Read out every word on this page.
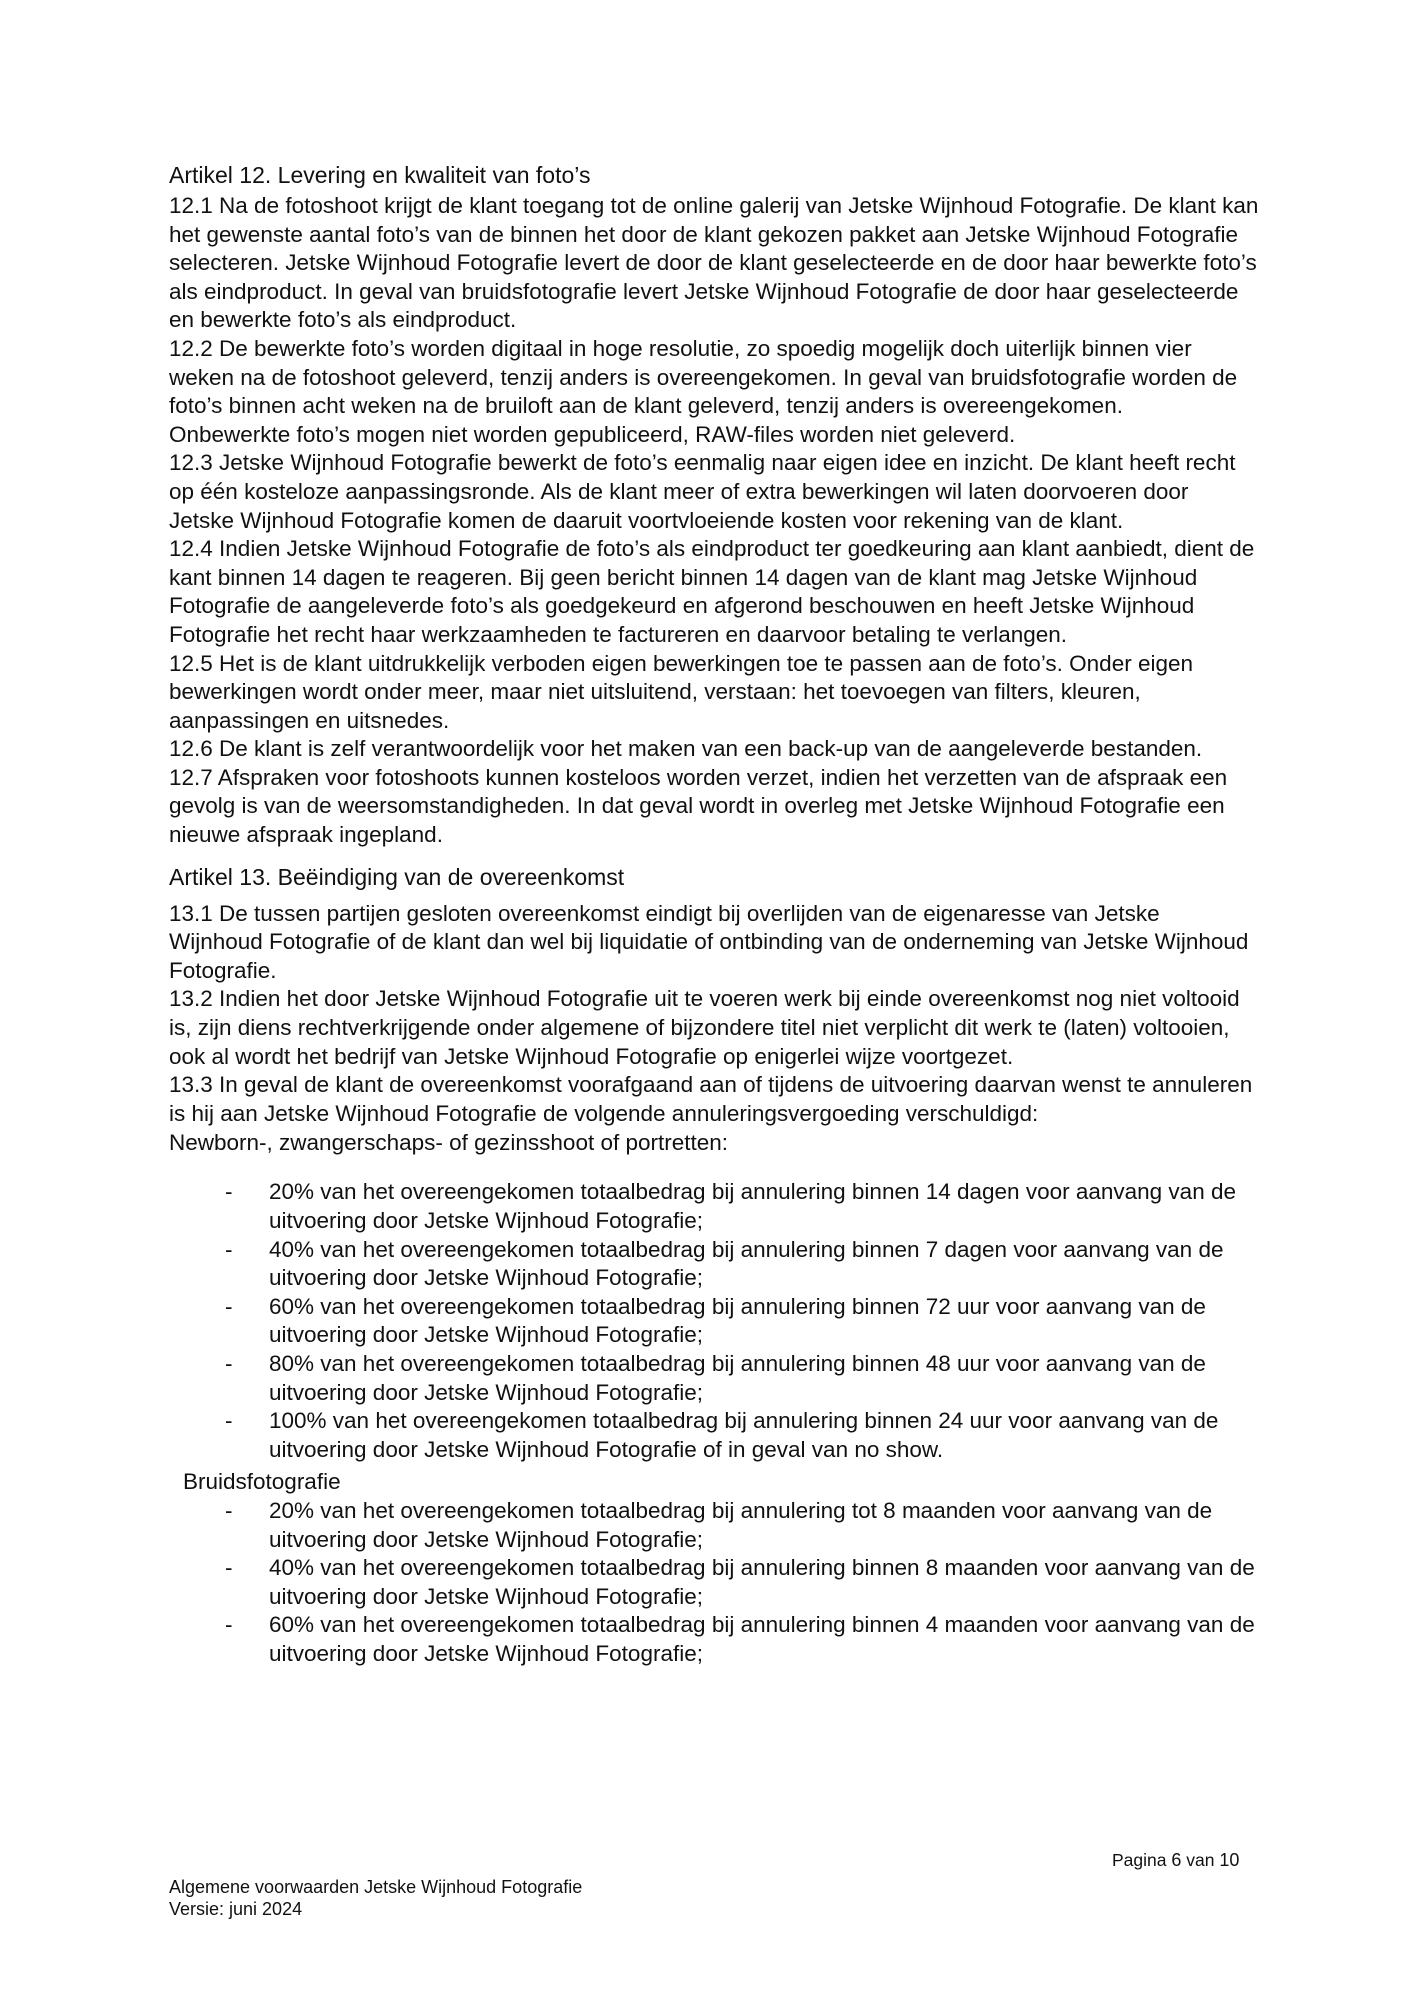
Artikel 12. Levering en kwaliteit van foto’s

12.1 Na de fotoshoot krijgt de klant toegang tot de online galerij van Jetske Wijnhoud Fotografie. De klant kan het gewenste aantal foto’s van de binnen het door de klant gekozen pakket aan Jetske Wijnhoud Fotografie selecteren. Jetske Wijnhoud Fotografie levert de door de klant geselecteerde en de door haar bewerkte foto’s als eindproduct. In geval van bruidsfotografie levert Jetske Wijnhoud Fotografie de door haar geselecteerde en bewerkte foto’s als eindproduct.

12.2 De bewerkte foto’s worden digitaal in hoge resolutie, zo spoedig mogelijk doch uiterlijk binnen vier weken na de fotoshoot geleverd, tenzij anders is overeengekomen. In geval van bruidsfotografie worden de foto’s binnen acht weken na de bruiloft aan de klant geleverd, tenzij anders is overeengekomen.

Onbewerkte foto’s mogen niet worden gepubliceerd, RAW-files worden niet geleverd.

12.3 Jetske Wijnhoud Fotografie bewerkt de foto’s eenmalig naar eigen idee en inzicht. De klant heeft recht op één kosteloze aanpassingsronde. Als de klant meer of extra bewerkingen wil laten doorvoeren door Jetske Wijnhoud Fotografie komen de daaruit voortvloeiende kosten voor rekening van de klant.

12.4 Indien Jetske Wijnhoud Fotografie de foto’s als eindproduct ter goedkeuring aan klant aanbiedt, dient de kant binnen 14 dagen te reageren. Bij geen bericht binnen 14 dagen van de klant mag Jetske Wijnhoud Fotografie de aangeleverde foto’s als goedgekeurd en afgerond beschouwen en heeft Jetske Wijnhoud Fotografie het recht haar werkzaamheden te factureren en daarvoor betaling te verlangen.

12.5 Het is de klant uitdrukkelijk verboden eigen bewerkingen toe te passen aan de foto’s. Onder eigen bewerkingen wordt onder meer, maar niet uitsluitend, verstaan: het toevoegen van filters, kleuren, aanpassingen en uitsnedes.

12.6 De klant is zelf verantwoordelijk voor het maken van een back-up van de aangeleverde bestanden.

12.7 Afspraken voor fotoshoots kunnen kosteloos worden verzet, indien het verzetten van de afspraak een gevolg is van de weersomstandigheden. In dat geval wordt in overleg met Jetske Wijnhoud Fotografie een nieuwe afspraak ingepland.

Artikel 13. Beëindiging van de overeenkomst

13.1 De tussen partijen gesloten overeenkomst eindigt bij overlijden van de eigenaresse van Jetske Wijnhoud Fotografie of de klant dan wel bij liquidatie of ontbinding van de onderneming van Jetske Wijnhoud Fotografie.

13.2 Indien het door Jetske Wijnhoud Fotografie uit te voeren werk bij einde overeenkomst nog niet voltooid is, zijn diens rechtverkrijgende onder algemene of bijzondere titel niet verplicht dit werk te (laten) voltooien, ook al wordt het bedrijf van Jetske Wijnhoud Fotografie op enigerlei wijze voortgezet.

13.3 In geval de klant de overeenkomst voorafgaand aan of tijdens de uitvoering daarvan wenst te annuleren is hij aan Jetske Wijnhoud Fotografie de volgende annuleringsvergoeding verschuldigd:

Newborn-, zwangerschaps- of gezinsshoot of portretten:
- 20% van het overeengekomen totaalbedrag bij annulering binnen 14 dagen voor aanvang van de uitvoering door Jetske Wijnhoud Fotografie;
- 40% van het overeengekomen totaalbedrag bij annulering binnen 7 dagen voor aanvang van de uitvoering door Jetske Wijnhoud Fotografie;
- 60% van het overeengekomen totaalbedrag bij annulering binnen 72 uur voor aanvang van de uitvoering door Jetske Wijnhoud Fotografie;
- 80% van het overeengekomen totaalbedrag bij annulering binnen 48 uur voor aanvang van de uitvoering door Jetske Wijnhoud Fotografie;
- 100% van het overeengekomen totaalbedrag bij annulering binnen 24 uur voor aanvang van de uitvoering door Jetske Wijnhoud Fotografie of in geval van no show.
Bruidsfotografie
- 20% van het overeengekomen totaalbedrag bij annulering tot 8 maanden voor aanvang van de uitvoering door Jetske Wijnhoud Fotografie;
- 40% van het overeengekomen totaalbedrag bij annulering binnen 8 maanden voor aanvang van de uitvoering door Jetske Wijnhoud Fotografie;
- 60% van het overeengekomen totaalbedrag bij annulering binnen 4 maanden voor aanvang van de uitvoering door Jetske Wijnhoud Fotografie;
Pagina 6 van 10
Algemene voorwaarden Jetske Wijnhoud Fotografie
Versie: juni 2024
